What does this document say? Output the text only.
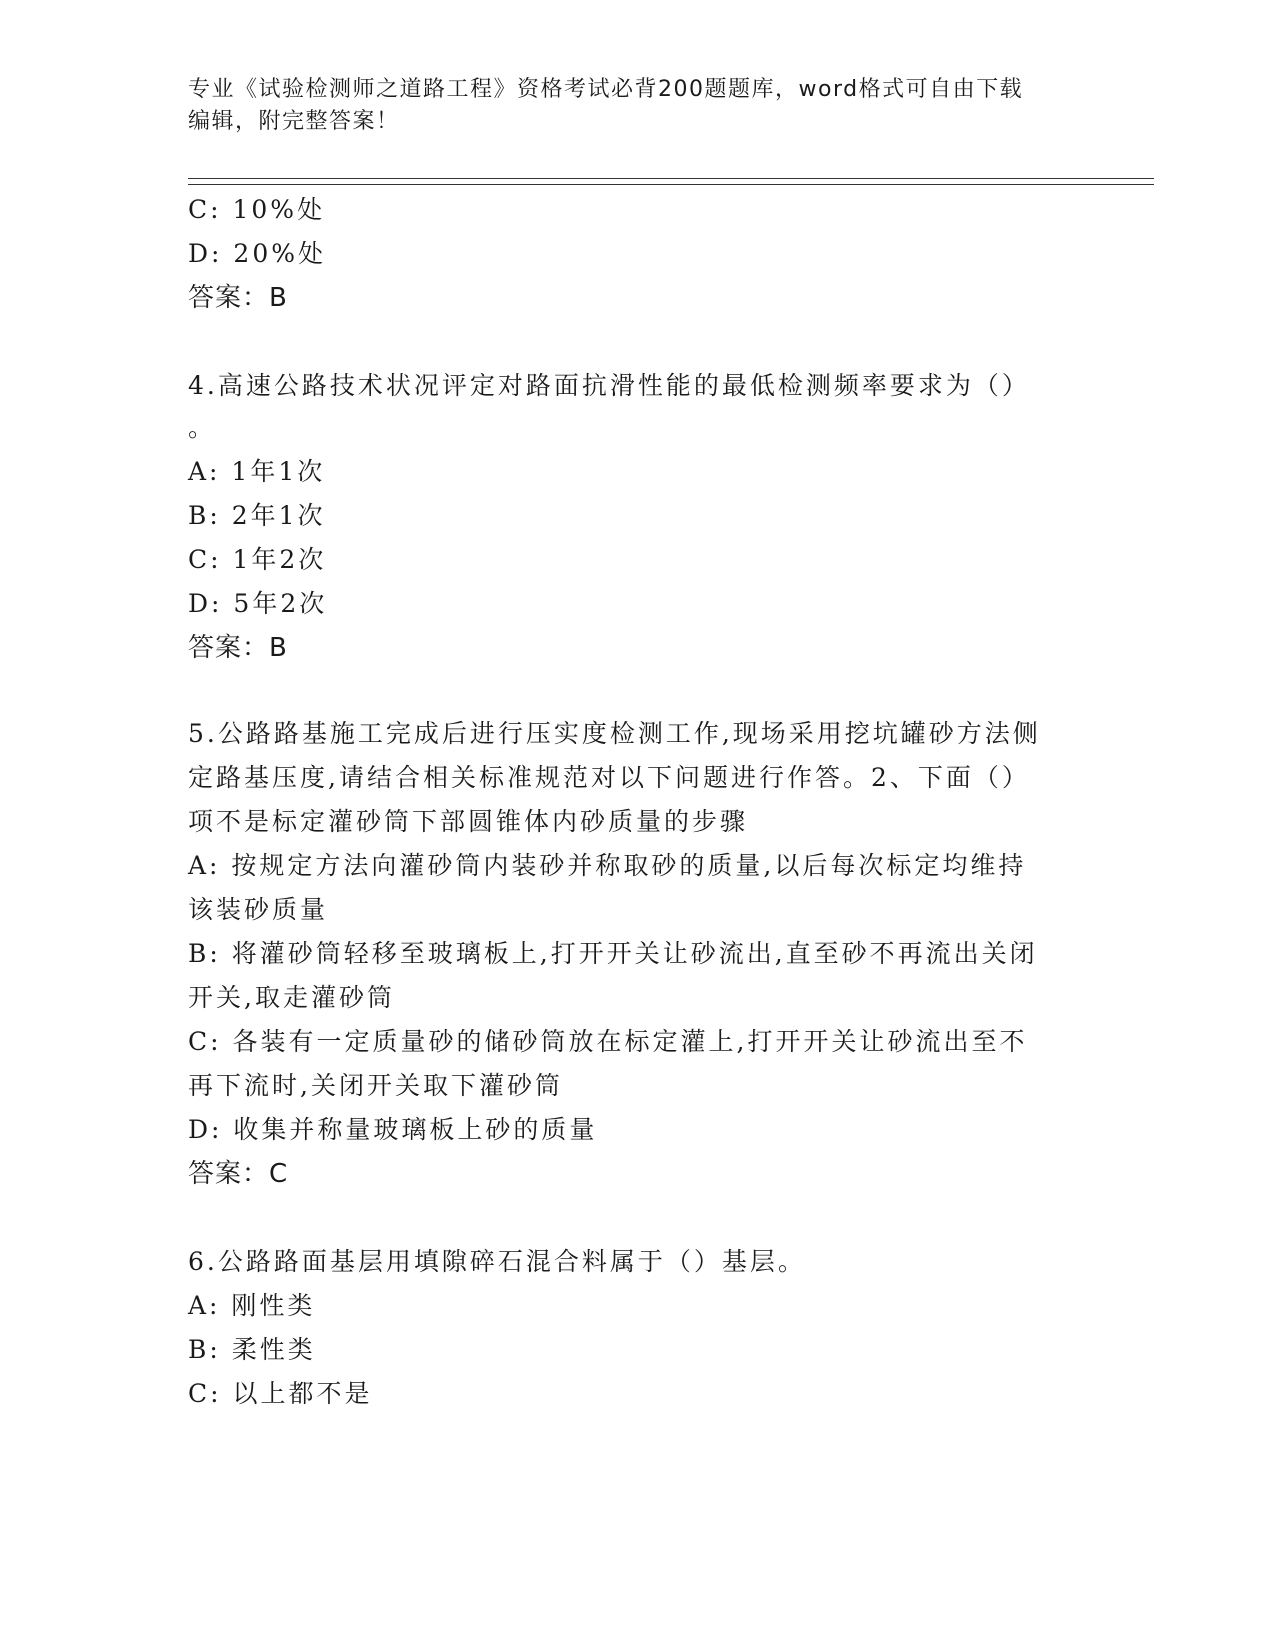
专业《试验检测师之道路工程》资格考试必背200题题库，word格式可自由下载
编辑，附完整答案！
C: 10%处
D: 20%处
答案：B
4.高速公路技术状况评定对路面抗滑性能的最低检测频率要求为（）
。
A: 1年1次
B: 2年1次
C: 1年2次
D: 5年2次
答案：B
5.公路路基施工完成后进行压实度检测工作,现场采用挖坑罐砂方法侧
定路基压度,请结合相关标准规范对以下问题进行作答。2、下面（）
项不是标定灌砂筒下部圆锥体内砂质量的步骤
A: 按规定方法向灌砂筒内装砂并称取砂的质量,以后每次标定均维持
该装砂质量
B: 将灌砂筒轻移至玻璃板上,打开开关让砂流出,直至砂不再流出关闭
开关,取走灌砂筒
C: 各装有一定质量砂的储砂筒放在标定灌上,打开开关让砂流出至不
再下流时,关闭开关取下灌砂筒
D: 收集并称量玻璃板上砂的质量
答案：C
6.公路路面基层用填隙碎石混合料属于（）基层。
A: 刚性类
B: 柔性类
C: 以上都不是
